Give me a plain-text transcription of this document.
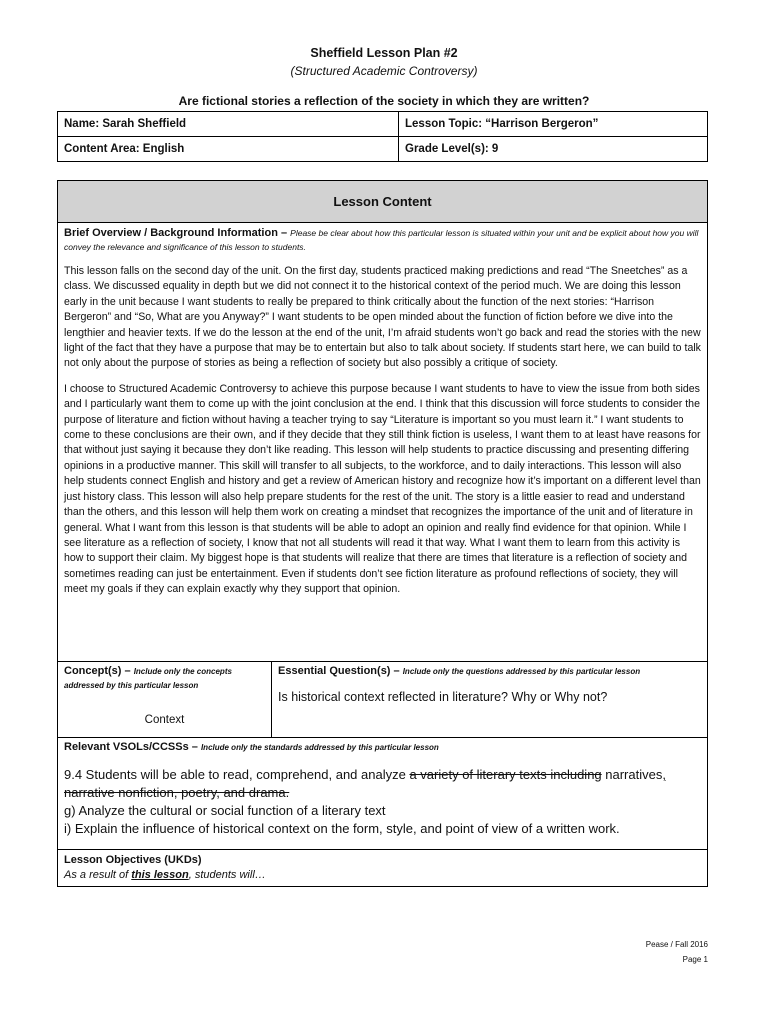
Sheffield Lesson Plan #2
(Structured Academic Controversy)
Are fictional stories a reflection of the society in which they are written?
Name: Sarah Sheffield	Lesson Topic: “Harrison Bergeron”
Content Area: English	Grade Level(s): 9
Lesson Content
Brief Overview / Background Information – Please be clear about how this particular lesson is situated within your unit and be explicit about how you will convey the relevance and significance of this lesson to students.

This lesson falls on the second day of the unit. On the first day, students practiced making predictions and read “The Sneetches” as a class. We discussed equality in depth but we did not connect it to the historical context of the period much. We are doing this lesson early in the unit because I want students to really be prepared to think critically about the function of the next stories: “Harrison Bergeron” and “So, What are you Anyway?” I want students to be open minded about the function of fiction before we dive into the lengthier and heavier texts. If we do the lesson at the end of the unit, I’m afraid students won’t go back and read the stories with the new light of the fact that they have a purpose that may be to entertain but also to talk about society. If students start here, we can build to talk not only about the purpose of stories as being a reflection of society but also possibly a critique of society.

I choose to Structured Academic Controversy to achieve this purpose because I want students to have to view the issue from both sides and I particularly want them to come up with the joint conclusion at the end. I think that this discussion will force students to consider the purpose of literature and fiction without having a teacher trying to say “Literature is important so you must learn it.” I want students to come to these conclusions are their own, and if they decide that they still think fiction is useless, I want them to at least have reasons for that without just saying it because they don’t like reading. This lesson will help students to practice discussing and presenting differing opinions in a productive manner. This skill will transfer to all subjects, to the workforce, and to daily interactions. This lesson will also help students connect English and history and get a review of American history and recognize how it’s important on a different level than just history class. This lesson will also help prepare students for the rest of the unit. The story is a little easier to read and understand than the others, and this lesson will help them work on creating a mindset that recognizes the importance of the unit and of literature in general. What I want from this lesson is that students will be able to adopt an opinion and really find evidence for that opinion. While I see literature as a reflection of society, I know that not all students will read it that way. What I want them to learn from this activity is how to support their claim. My biggest hope is that students will realize that there are times that literature is a reflection of society and sometimes reading can just be entertainment. Even if students don’t see fiction literature as profound reflections of society, they will meet my goals if they can explain exactly why they support that opinion.

Concept(s) – Include only the concepts addressed by this particular lesson
Context
Essential Question(s) – Include only the questions addressed by this particular lesson
Is historical context reflected in literature? Why or Why not?
Relevant VSOLs/CCSSs – Include only the standards addressed by this particular lesson
9.4 Students will be able to read, comprehend, and analyze a variety of literary texts including narratives,
narrative nonfiction, poetry, and drama.
g) Analyze the cultural or social function of a literary text
i) Explain the influence of historical context on the form, style, and point of view of a written work.
Lesson Objectives (UKDs)
As a result of this lesson, students will…
Pease / Fall 2016
Page 1
